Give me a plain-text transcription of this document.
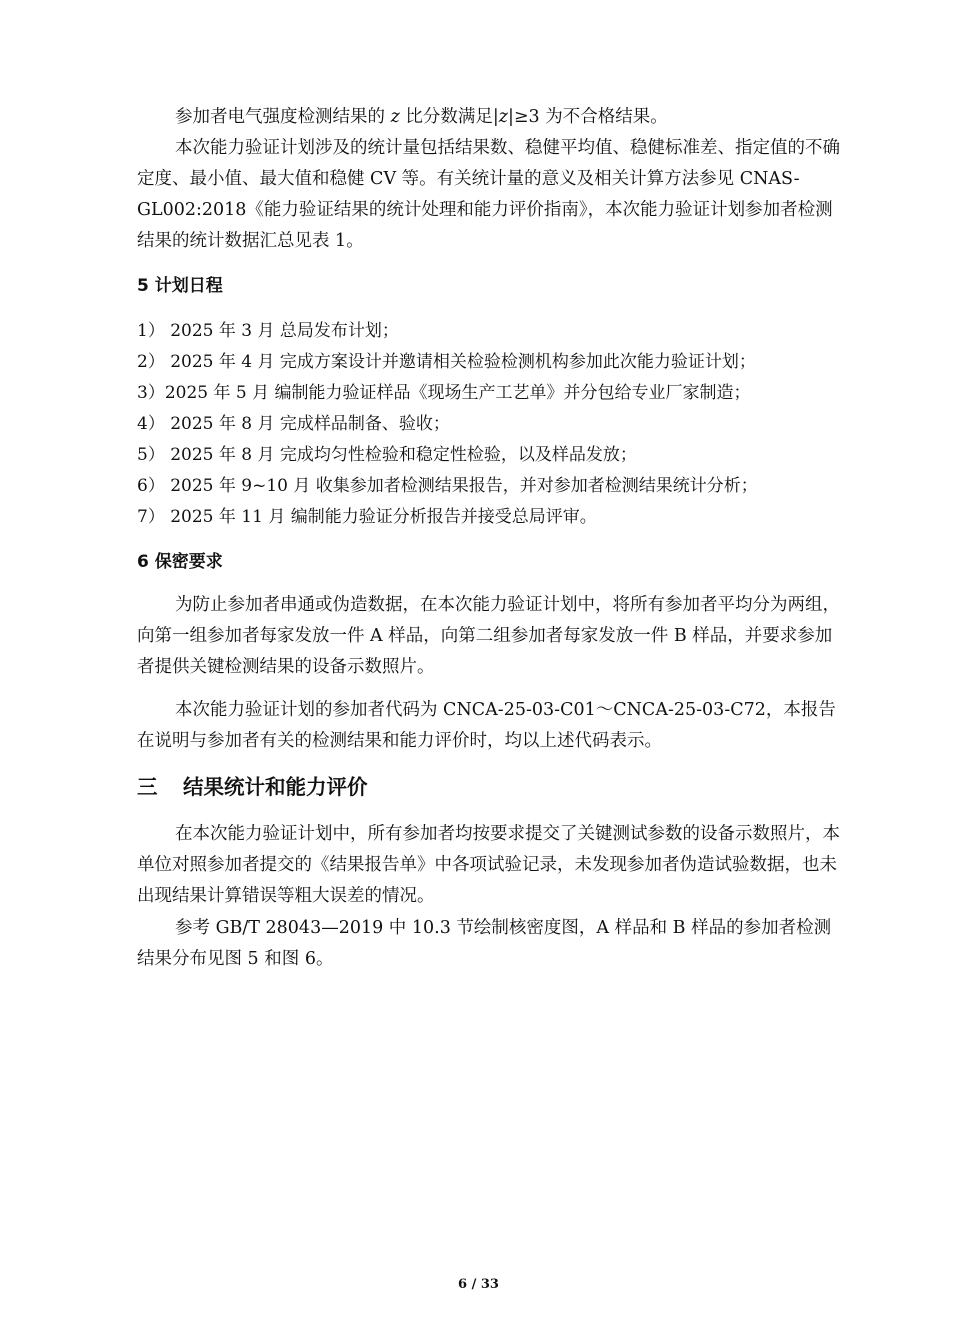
参加者电气强度检测结果的 z 比分数满足|z|≥3 为不合格结果。

本次能力验证计划涉及的统计量包括结果数、稳健平均值、稳健标准差、指定值的不确定度、最小值、最大值和稳健 CV 等。有关统计量的意义及相关计算方法参见 CNAS-GL002:2018《能力验证结果的统计处理和能力评价指南》，本次能力验证计划参加者检测结果的统计数据汇总见表 1。

5 计划日程
1） 2025 年 3 月 总局发布计划；
2） 2025 年 4 月 完成方案设计并邀请相关检验检测机构参加此次能力验证计划；
3）2025 年 5 月 编制能力验证样品《现场生产工艺单》并分包给专业厂家制造；
4） 2025 年 8 月 完成样品制备、验收；
5） 2025 年 8 月 完成均匀性检验和稳定性检验，以及样品发放；
6） 2025 年 9~10 月 收集参加者检测结果报告，并对参加者检测结果统计分析；
7） 2025 年 11 月 编制能力验证分析报告并接受总局评审。
6 保密要求

为防止参加者串通或伪造数据，在本次能力验证计划中，将所有参加者平均分为两组，向第一组参加者每家发放一件 A 样品，向第二组参加者每家发放一件 B 样品，并要求参加者提供关键检测结果的设备示数照片。

本次能力验证计划的参加者代码为 CNCA-25-03-C01～CNCA-25-03-C72，本报告在说明与参加者有关的检测结果和能力评价时，均以上述代码表示。

三 结果统计和能力评价

在本次能力验证计划中，所有参加者均按要求提交了关键测试参数的设备示数照片，本单位对照参加者提交的《结果报告单》中各项试验记录，未发现参加者伪造试验数据，也未出现结果计算错误等粗大误差的情况。

参考 GB/T 28043—2019 中 10.3 节绘制核密度图，A 样品和 B 样品的参加者检测结果分布见图 5 和图 6。

6 / 33
